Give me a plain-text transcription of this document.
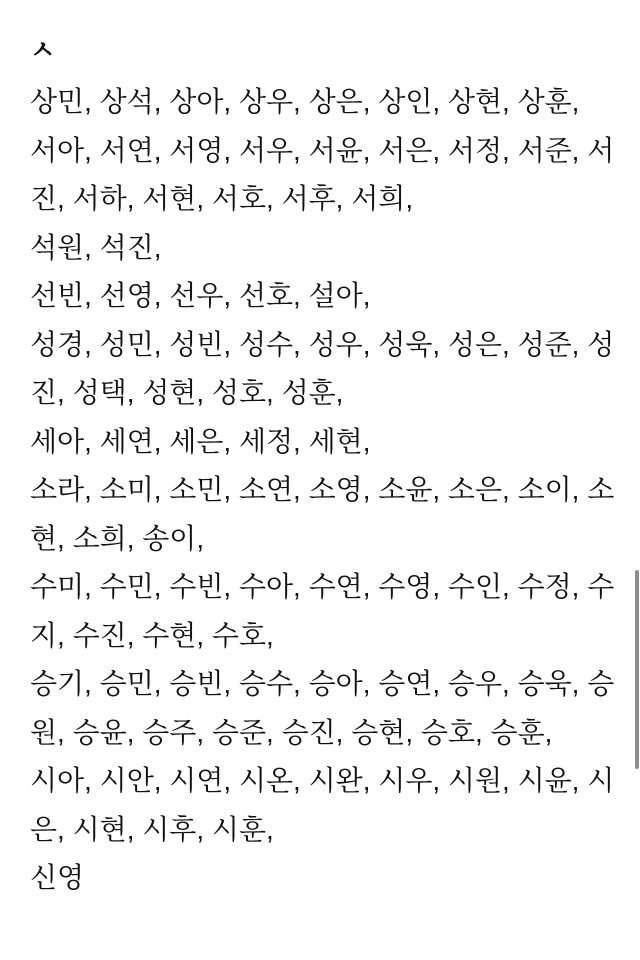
ㅅ
상민, 상석, 상아, 상우, 상은, 상인, 상현, 상훈,
서아, 서연, 서영, 서우, 서윤, 서은, 서정, 서준, 서
진, 서하, 서현, 서호, 서후, 서희,
석원, 석진,
선빈, 선영, 선우, 선호, 설아,
성경, 성민, 성빈, 성수, 성우, 성욱, 성은, 성준, 성
진, 성택, 성현, 성호, 성훈,
세아, 세연, 세은, 세정, 세현,
소라, 소미, 소민, 소연, 소영, 소윤, 소은, 소이, 소
현, 소희, 송이,
수미, 수민, 수빈, 수아, 수연, 수영, 수인, 수정, 수
지, 수진, 수현, 수호,
승기, 승민, 승빈, 승수, 승아, 승연, 승우, 승욱, 승
원, 승윤, 승주, 승준, 승진, 승현, 승호, 승훈,
시아, 시안, 시연, 시온, 시완, 시우, 시원, 시윤, 시
은, 시현, 시후, 시훈,
신영
